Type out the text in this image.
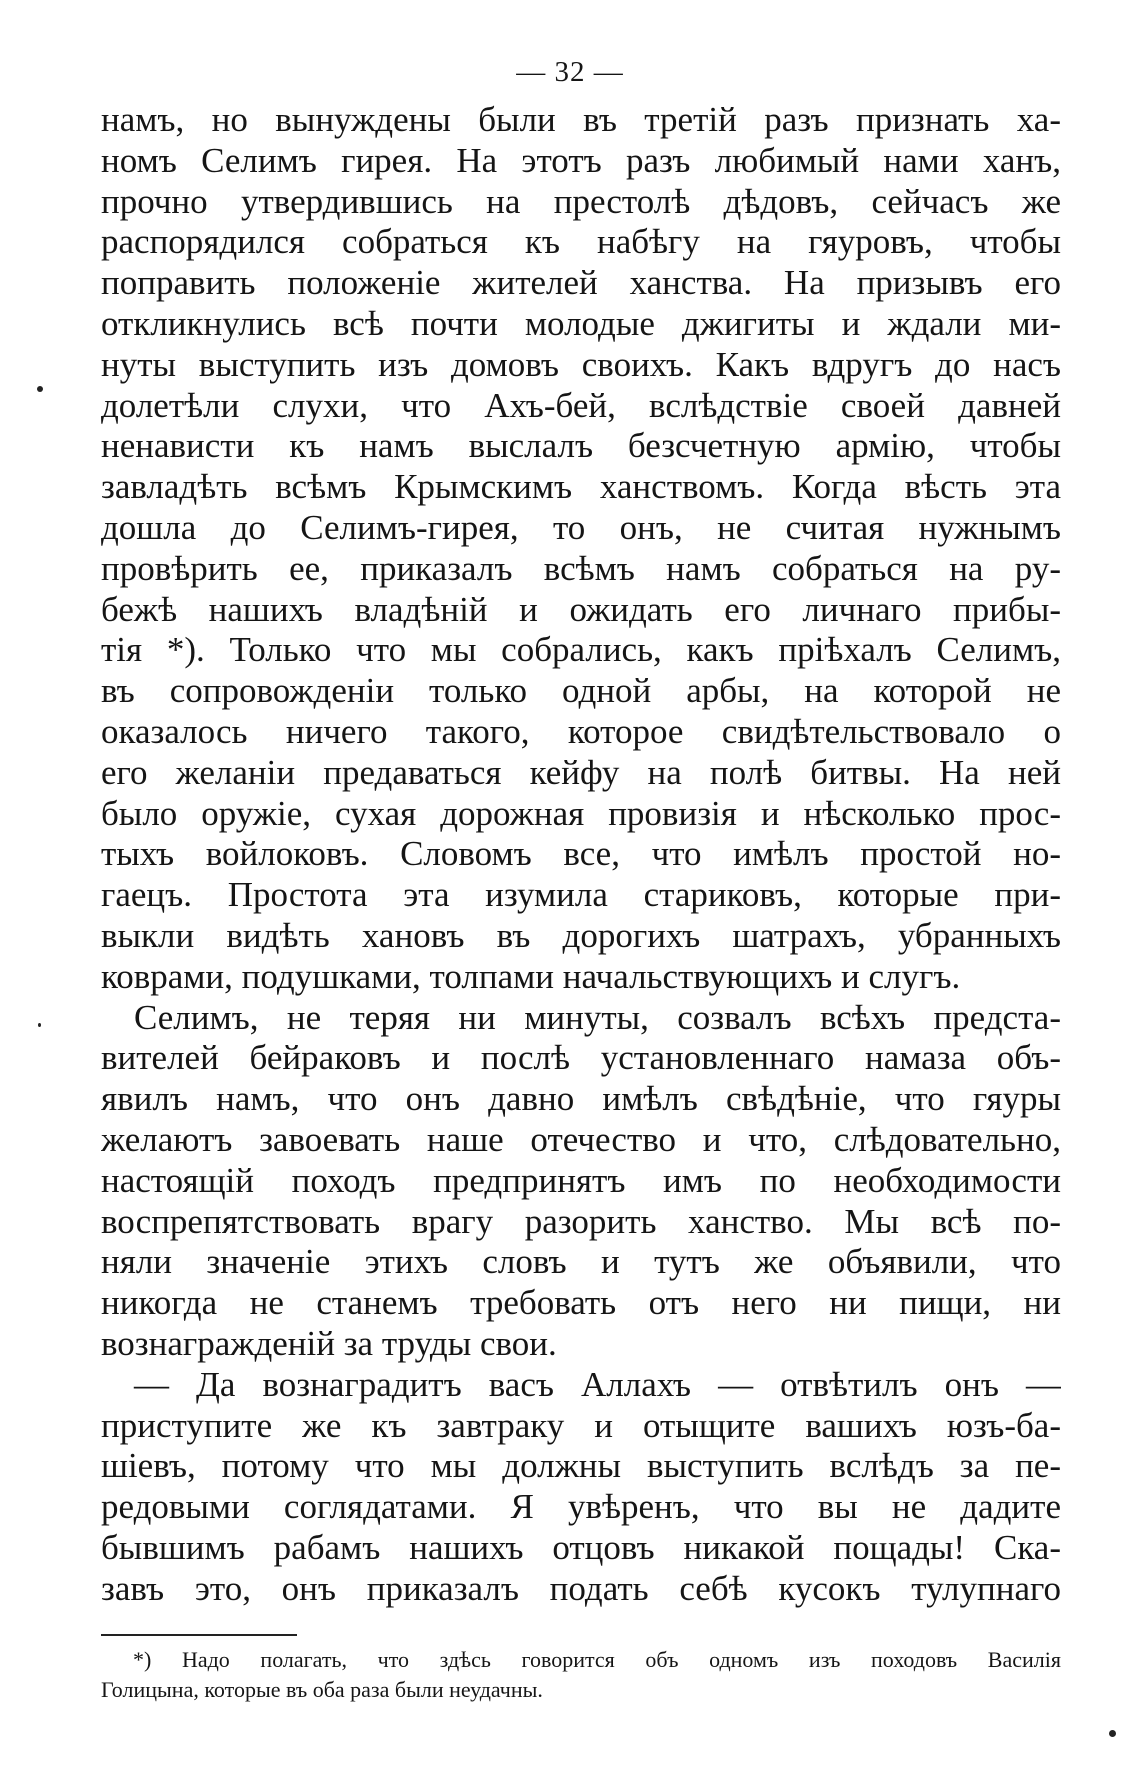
— 32 —
намъ, но вынуждены были въ третій разъ признать ха-
номъ Селимъ гирея. На этотъ разъ любимый нами ханъ,
прочно утвердившись на престолѣ дѣдовъ, сейчасъ же
распорядился собраться къ набѣгу на гяуровъ, чтобы
поправить положеніе жителей ханства. На призывъ его
откликнулись всѣ почти молодые джигиты и ждали ми-
нуты выступить изъ домовъ своихъ. Какъ вдругъ до насъ
долетѣли слухи, что Ахъ-бей, вслѣдствіе своей давней
ненависти къ намъ выслалъ безсчетную армію, чтобы
завладѣть всѣмъ Крымскимъ ханствомъ. Когда вѣсть эта
дошла до Селимъ-гирея, то онъ, не считая нужнымъ
провѣрить ее, приказалъ всѣмъ намъ собраться на ру-
бежѣ нашихъ владѣній и ожидать его личнаго прибы-
тія *). Только что мы собрались, какъ пріѣхалъ Селимъ,
въ сопровожденіи только одной арбы, на которой не
оказалось ничего такого, которое свидѣтельствовало о
его желаніи предаваться кейфу на полѣ битвы. На ней
было оружіе, сухая дорожная провизія и нѣсколько прос-
тыхъ войлоковъ. Словомъ все, что имѣлъ простой но-
гаецъ. Простота эта изумила стариковъ, которые при-
выкли видѣть хановъ въ дорогихъ шатрахъ, убранныхъ
коврами, подушками, толпами начальствующихъ и слугъ.
Селимъ, не теряя ни минуты, созвалъ всѣхъ предста-
вителей бейраковъ и послѣ установленнаго намаза объ-
явилъ намъ, что онъ давно имѣлъ свѣдѣніе, что гяуры
желаютъ завоевать наше отечество и что, слѣдовательно,
настоящій походъ предпринятъ имъ по необходимости
воспрепятствовать врагу разорить ханство. Мы всѣ по-
няли значеніе этихъ словъ и тутъ же объявили, что
никогда не станемъ требовать отъ него ни пищи, ни
вознагражденій за труды свои.
— Да вознаградитъ васъ Аллахъ — отвѣтилъ онъ —
приступите же къ завтраку и отыщите вашихъ юзъ-ба-
шіевъ, потому что мы должны выступить вслѣдъ за пе-
редовыми соглядатами. Я увѣренъ, что вы не дадите
бывшимъ рабамъ нашихъ отцовъ никакой пощады! Ска-
завъ это, онъ приказалъ подать себѣ кусокъ тулупнаго
*) Надо полагать, что здѣсь говорится объ одномъ изъ походовъ Василія
Голицына, которые въ оба раза были неудачны.
